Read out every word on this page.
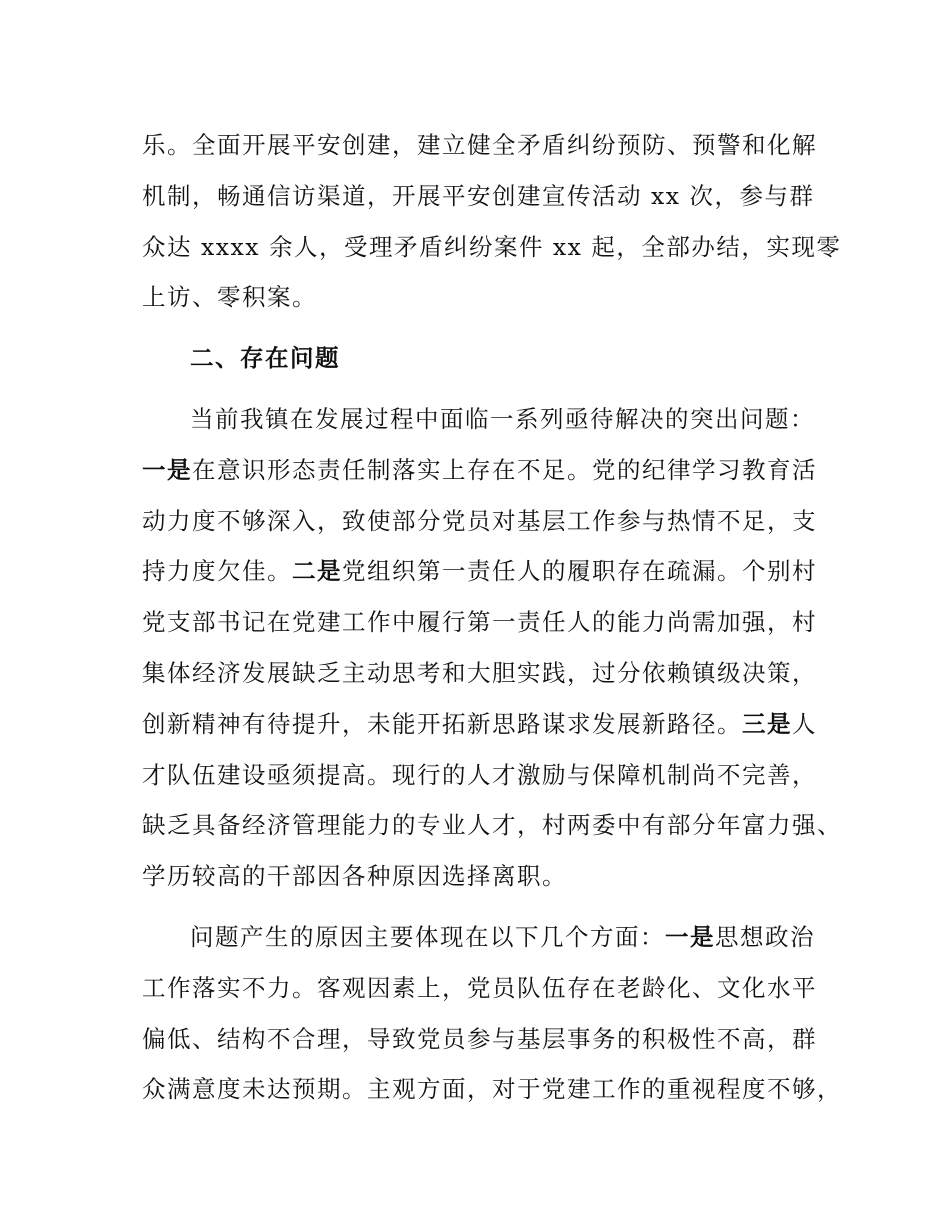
乐。全面开展平安创建，建立健全矛盾纠纷预防、预警和化解
机制，畅通信访渠道，开展平安创建宣传活动 xx 次，参与群
众达 xxxx 余人，受理矛盾纠纷案件 xx 起，全部办结，实现零
上访、零积案。
二、存在问题
当前我镇在发展过程中面临一系列亟待解决的突出问题：
一是在意识形态责任制落实上存在不足。党的纪律学习教育活
动力度不够深入，致使部分党员对基层工作参与热情不足，支
持力度欠佳。二是党组织第一责任人的履职存在疏漏。个别村
党支部书记在党建工作中履行第一责任人的能力尚需加强，村
集体经济发展缺乏主动思考和大胆实践，过分依赖镇级决策，
创新精神有待提升，未能开拓新思路谋求发展新路径。三是人
才队伍建设亟须提高。现行的人才激励与保障机制尚不完善，
缺乏具备经济管理能力的专业人才，村两委中有部分年富力强、
学历较高的干部因各种原因选择离职。
问题产生的原因主要体现在以下几个方面：一是思想政治
工作落实不力。客观因素上，党员队伍存在老龄化、文化水平
偏低、结构不合理，导致党员参与基层事务的积极性不高，群
众满意度未达预期。主观方面，对于党建工作的重视程度不够，
